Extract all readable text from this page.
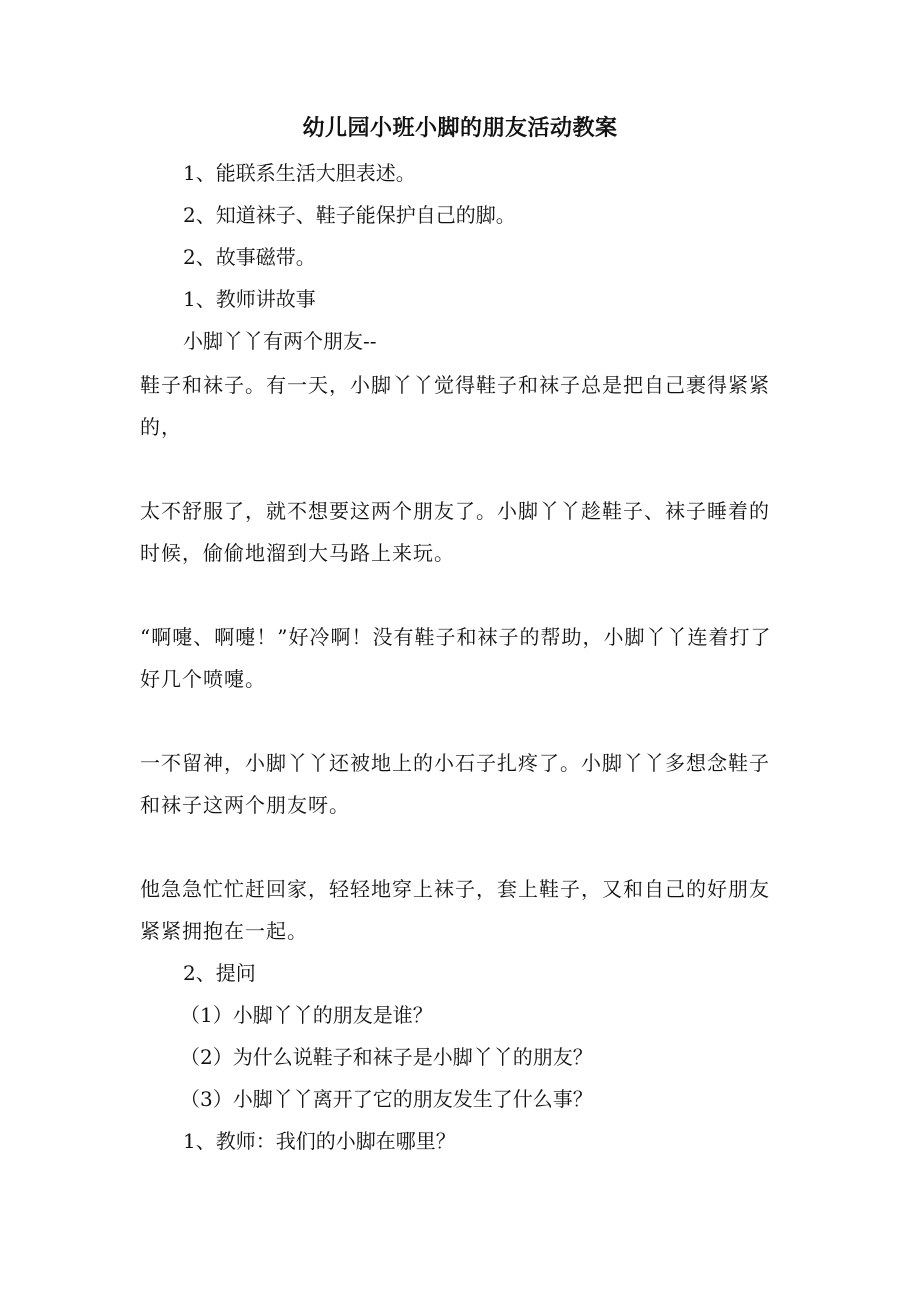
幼儿园小班小脚的朋友活动教案
1、能联系生活大胆表述。
2、知道袜子、鞋子能保护自己的脚。
2、故事磁带。
1、教师讲故事
小脚丫丫有两个朋友--
鞋子和袜子。有一天，小脚丫丫觉得鞋子和袜子总是把自己裹得紧紧的，
太不舒服了，就不想要这两个朋友了。小脚丫丫趁鞋子、袜子睡着的时候，偷偷地溜到大马路上来玩。
“啊嚏、啊嚏！”好冷啊！没有鞋子和袜子的帮助，小脚丫丫连着打了好几个喷嚏。
一不留神，小脚丫丫还被地上的小石子扎疼了。小脚丫丫多想念鞋子和袜子这两个朋友呀。
他急急忙忙赶回家，轻轻地穿上袜子，套上鞋子，又和自己的好朋友紧紧拥抱在一起。
2、提问
（1）小脚丫丫的朋友是谁？
（2）为什么说鞋子和袜子是小脚丫丫的朋友？
（3）小脚丫丫离开了它的朋友发生了什么事？
1、教师：我们的小脚在哪里？
